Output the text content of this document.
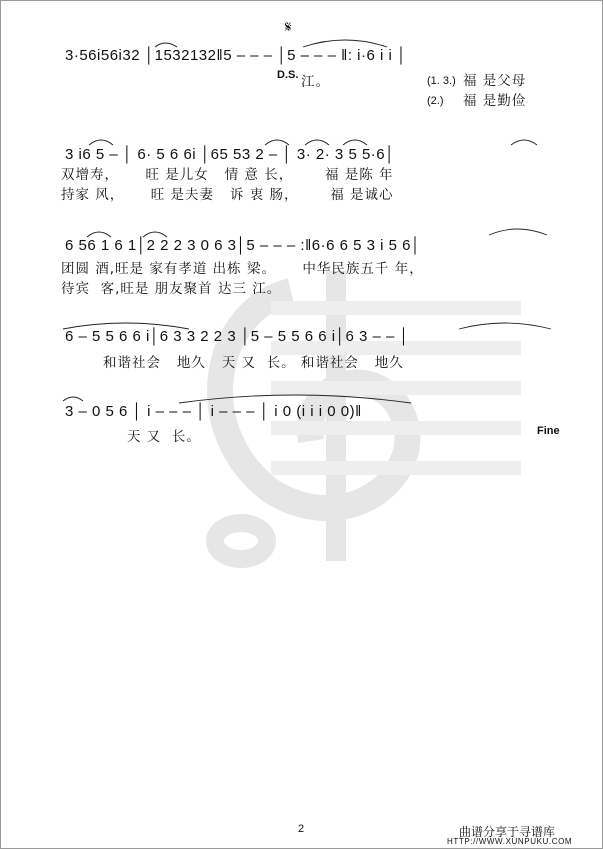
𝄋
3·56i56i32 │1532132‖5 – – – │5 – – – ‖: i·6 i i │
D.S. 江。	(1. 3.) 福 是父母
(2.) 福 是勤俭
3 i6 5 – │ 6· 5 6 6i │65 53 2 – │ 3· 2· 3 5 5·6│
双增寿，     旺 是儿女   情 意 长，      福 是陈 年
持家 风，     旺 是夫妻   诉 衷 肠，      福 是诚心
6 56 1 6 1│2 2 2 3 0 6 3│5 – – – :‖6·6 6 5 3 i 5 6│
团圆 酒,旺是 家有孝道 出栋 梁。     中华民族五千 年，
待宾  客,旺是 朋友聚首 达三 江。
6 – 5 5 6 6 i│6 3 3 2 2 3 │5 – 5 5 6 6 i│6 3 – – │
和谐社会   地久   天 又  长。 和谐社会   地久
3 – 0 5 6 │ i – – – │ i – – – │ i 0 (i i i 0 0)‖
天 又  长。	Fine
2	曲谱分享于寻谱库
HTTP://WWW.XUNPUKU.COM
